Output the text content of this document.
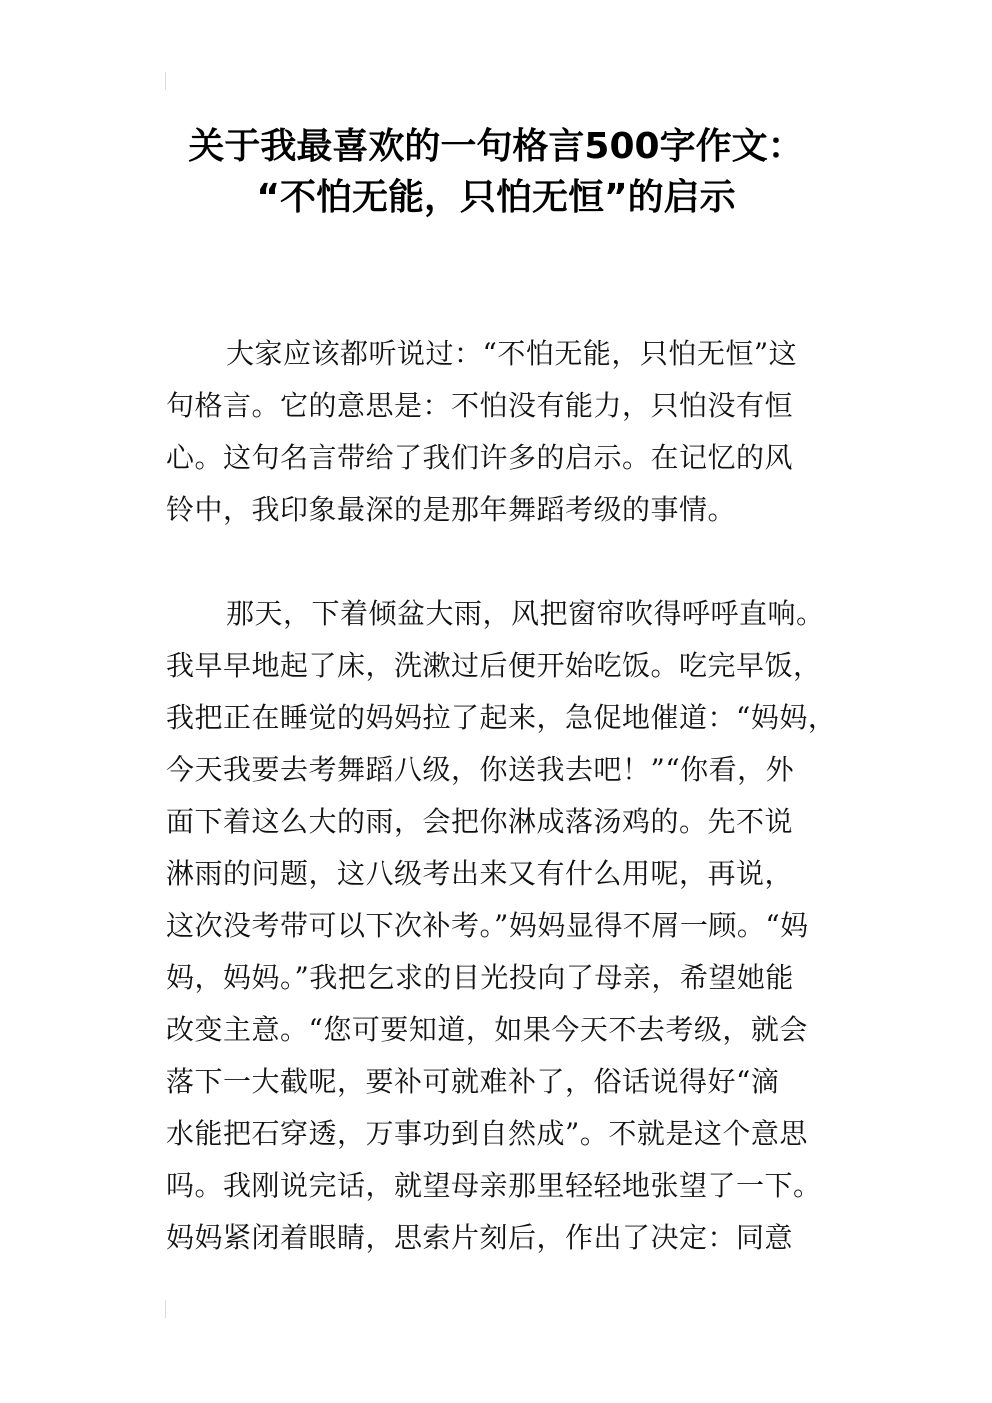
关于我最喜欢的一句格言500字作文：
“不怕无能，只怕无恒”的启示
大家应该都听说过：“不怕无能，只怕无恒”这
句格言。它的意思是：不怕没有能力，只怕没有恒
心。这句名言带给了我们许多的启示。在记忆的风
铃中，我印象最深的是那年舞蹈考级的事情。
那天，下着倾盆大雨，风把窗帘吹得呼呼直响。
我早早地起了床，洗漱过后便开始吃饭。吃完早饭，
我把正在睡觉的妈妈拉了起来，急促地催道：“妈妈，
今天我要去考舞蹈八级，你送我去吧！”“你看，外
面下着这么大的雨，会把你淋成落汤鸡的。先不说
淋雨的问题，这八级考出来又有什么用呢，再说，
这次没考带可以下次补考。”妈妈显得不屑一顾。“妈
妈，妈妈。”我把乞求的目光投向了母亲，希望她能
改变主意。“您可要知道，如果今天不去考级，就会
落下一大截呢，要补可就难补了，俗话说得好“滴
水能把石穿透，万事功到自然成”。不就是这个意思
吗。我刚说完话，就望母亲那里轻轻地张望了一下。
妈妈紧闭着眼睛，思索片刻后，作出了决定：同意
